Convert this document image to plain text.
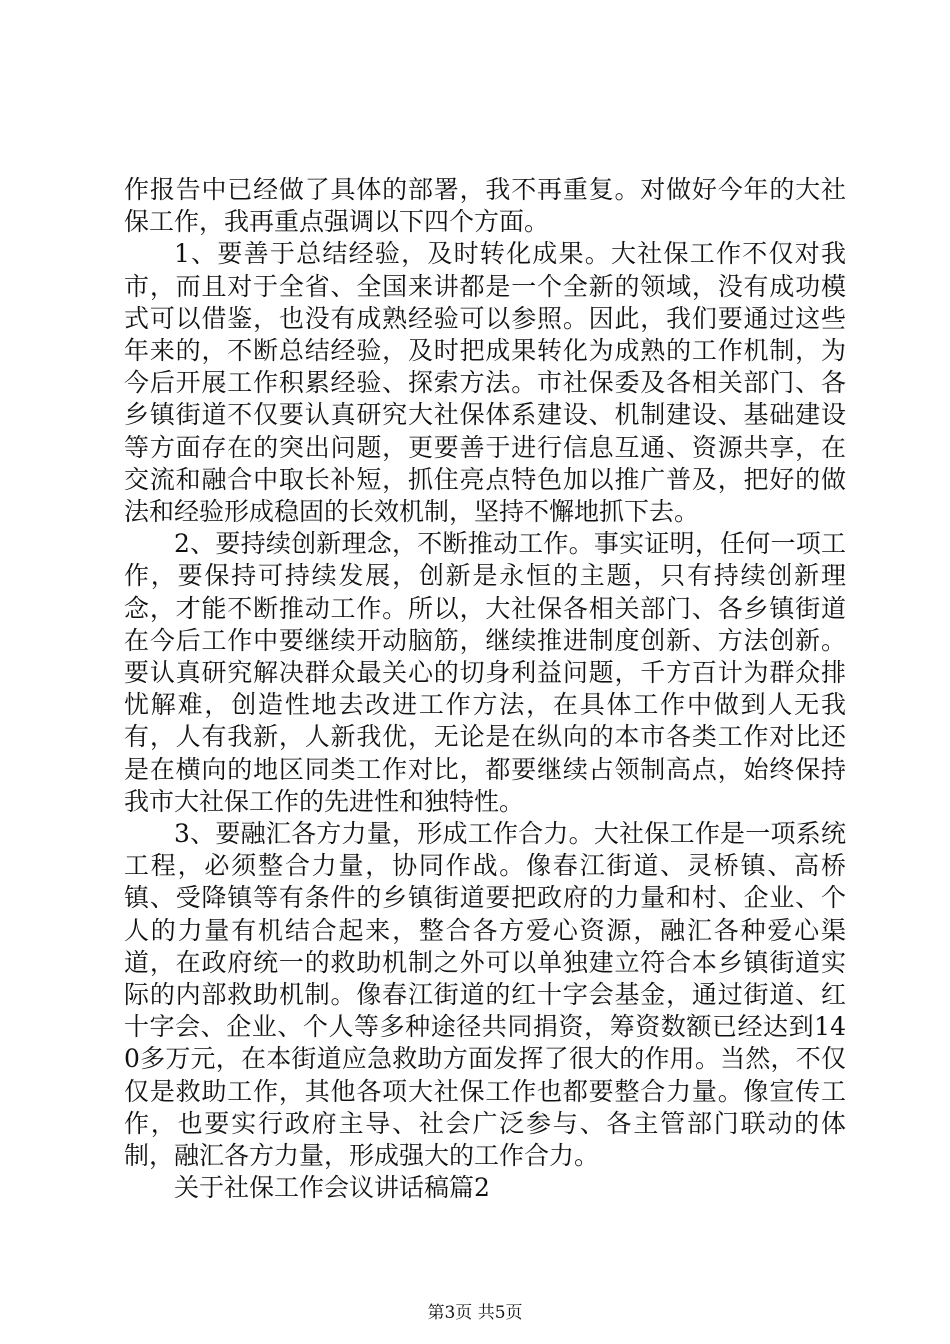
作报告中已经做了具体的部署，我不再重复。对做好今年的大社保工作，我再重点强调以下四个方面。

1、要善于总结经验，及时转化成果。大社保工作不仅对我市，而且对于全省、全国来讲都是一个全新的领域，没有成功模式可以借鉴，也没有成熟经验可以参照。因此，我们要通过这些年来的，不断总结经验，及时把成果转化为成熟的工作机制，为今后开展工作积累经验、探索方法。市社保委及各相关部门、各乡镇街道不仅要认真研究大社保体系建设、机制建设、基础建设等方面存在的突出问题，更要善于进行信息互通、资源共享，在交流和融合中取长补短，抓住亮点特色加以推广普及，把好的做法和经验形成稳固的长效机制，坚持不懈地抓下去。

2、要持续创新理念，不断推动工作。事实证明，任何一项工作，要保持可持续发展，创新是永恒的主题，只有持续创新理念，才能不断推动工作。所以，大社保各相关部门、各乡镇街道在今后工作中要继续开动脑筋，继续推进制度创新、方法创新。要认真研究解决群众最关心的切身利益问题，千方百计为群众排忧解难，创造性地去改进工作方法，在具体工作中做到人无我有，人有我新，人新我优，无论是在纵向的本市各类工作对比还是在横向的地区同类工作对比，都要继续占领制高点，始终保持我市大社保工作的先进性和独特性。

3、要融汇各方力量，形成工作合力。大社保工作是一项系统工程，必须整合力量，协同作战。像春江街道、灵桥镇、高桥镇、受降镇等有条件的乡镇街道要把政府的力量和村、企业、个人的力量有机结合起来，整合各方爱心资源，融汇各种爱心渠道，在政府统一的救助机制之外可以单独建立符合本乡镇街道实际的内部救助机制。像春江街道的红十字会基金，通过街道、红十字会、企业、个人等多种途径共同捐资，筹资数额已经达到140多万元，在本街道应急救助方面发挥了很大的作用。当然，不仅仅是救助工作，其他各项大社保工作也都要整合力量。像宣传工作，也要实行政府主导、社会广泛参与、各主管部门联动的体制，融汇各方力量，形成强大的工作合力。

关于社保工作会议讲话稿篇2

第3页 共5页
